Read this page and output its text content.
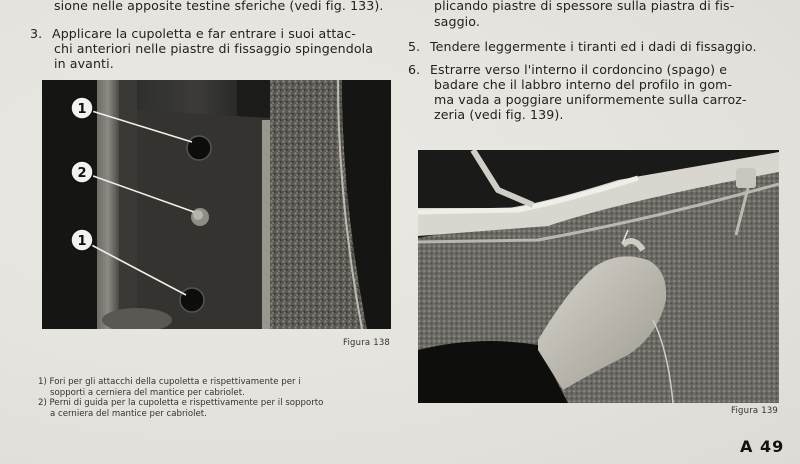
sione nelle apposite testine sferiche (vedi fig. 133).
3. Applicare la cupoletta e far entrare i suoi attac-
chi anteriori nelle piastre di fissaggio spingendola
in avanti.
plicando piastre di spessore sulla piastra di fis-
saggio.
5. Tendere leggermente i tiranti ed i dadi di fissaggio.
6. Estrarre verso l'interno il cordoncino (spago) e
badare che il labbro interno del profilo in gom-
ma vada a poggiare uniformemente sulla carroz-
zeria (vedi fig. 139).
1
2
1
Figura 138
Figura 139
1) Fori per gli attacchi della cupoletta e rispettivamente per i
sopporti a cerniera del mantice per cabriolet.
2) Perni di guida per la cupoletta e rispettivamente per il sopporto
a cerniera del mantice per cabriolet.
A 49
